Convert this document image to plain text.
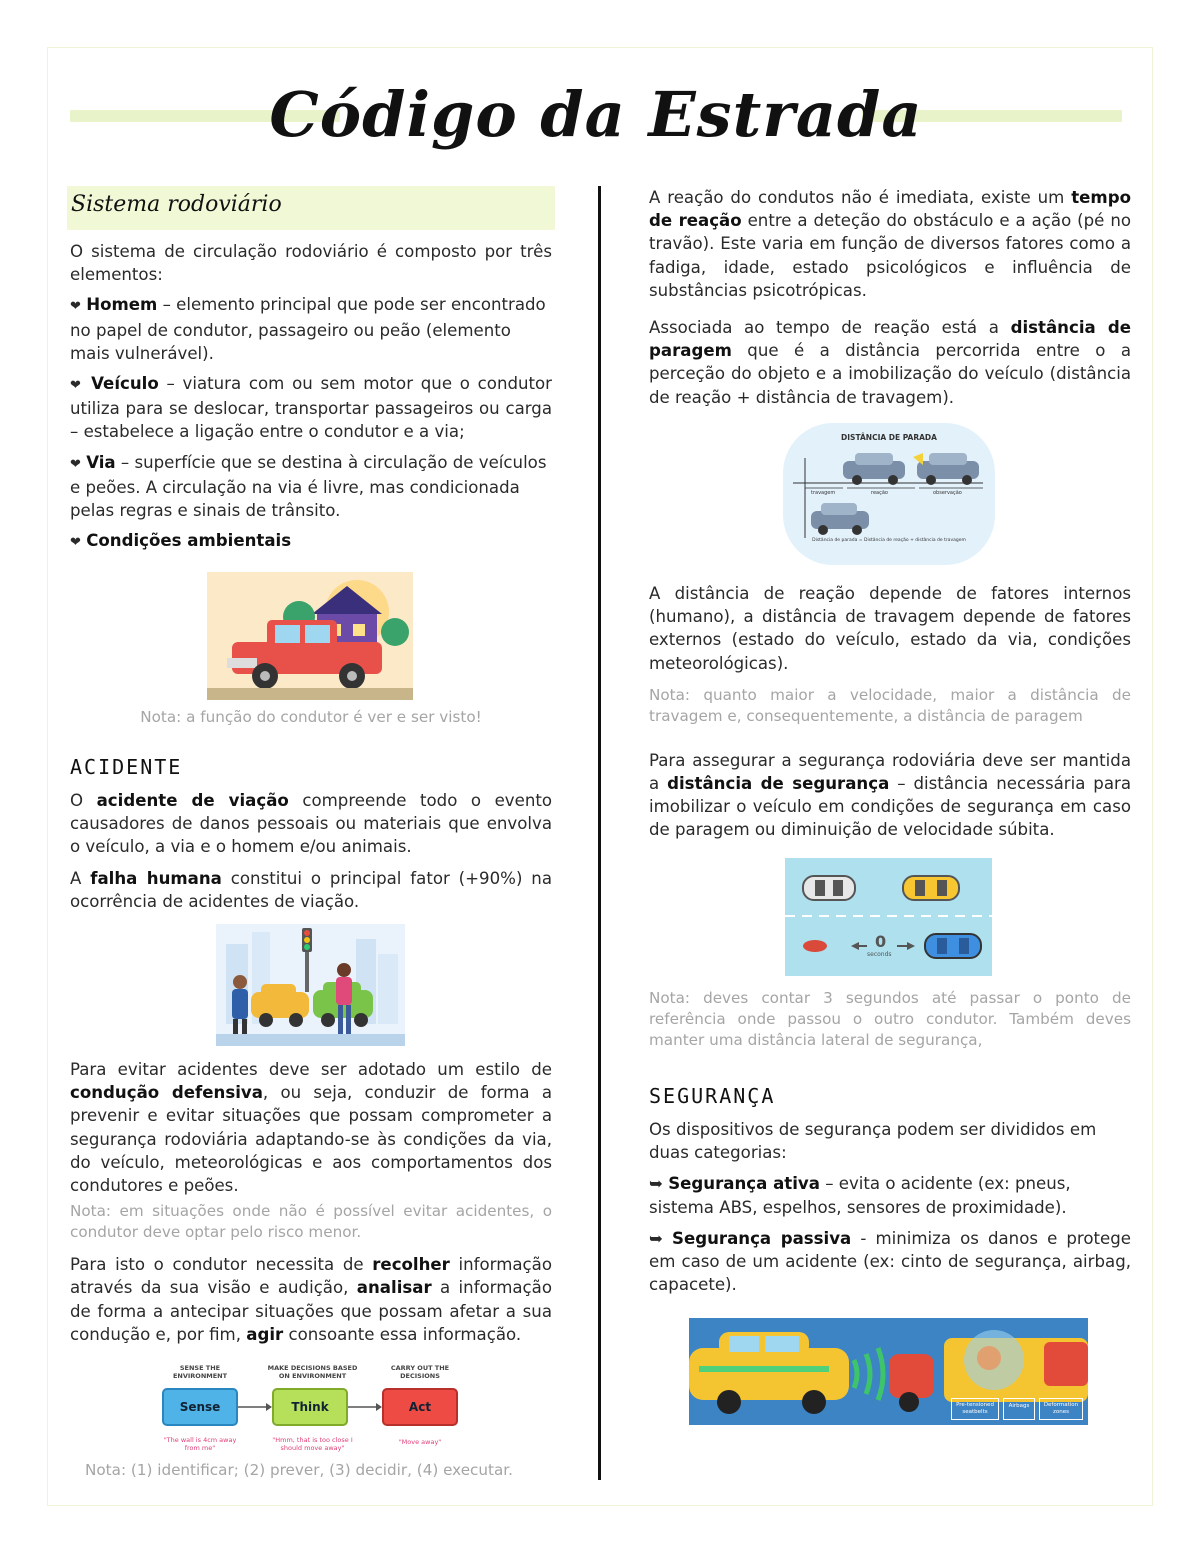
Código da Estrada
Sistema rodoviário

O sistema de circulação rodoviário é composto por três elementos:

❤ Homem – elemento principal que pode ser encontrado no papel de condutor, passageiro ou peão (elemento mais vulnerável).

❤ Veículo – viatura com ou sem motor que o condutor utiliza para se deslocar, transportar passageiros ou carga – estabelece a ligação entre o condutor e a via;

❤ Via – superfície que se destina à circulação de veículos e peões. A circulação na via é livre, mas condicionada pelas regras e sinais de trânsito.

❤ Condições ambientais

Nota: a função do condutor é ver e ser visto!

ACIDENTE

O acidente de viação compreende todo o evento causadores de danos pessoais ou materiais que envolva o veículo, a via e o homem e/ou animais.

A falha humana constitui o principal fator (+90%) na ocorrência de acidentes de viação.

Para evitar acidentes deve ser adotado um estilo de condução defensiva, ou seja, conduzir de forma a prevenir e evitar situações que possam comprometer a segurança rodoviária adaptando-se às condições da via, do veículo, meteorológicas e aos comportamentos dos condutores e peões.

Nota: em situações onde não é possível evitar acidentes, o condutor deve optar pelo risco menor.

Para isto o condutor necessita de recolher informação através da sua visão e audição, analisar a informação de forma a antecipar situações que possam afetar a sua condução e, por fim, agir consoante essa informação.

SENSE THE ENVIRONMENT
MAKE DECISIONS BASED ON ENVIRONMENT
CARRY OUT THE DECISIONS
Sense	Think	Act
"The wall is 4cm away from me"
"Hmm, that is too close I should move away"
"Move away"

Nota: (1) identificar; (2) prever, (3) decidir, (4) executar.

A reação do condutos não é imediata, existe um tempo de reação entre a deteção do obstáculo e a ação (pé no travão). Este varia em função de diversos fatores como a fadiga, idade, estado psicológicos e influência de substâncias psicotrópicas.

Associada ao tempo de reação está a distância de paragem que é a distância percorrida entre o a perceção do objeto e a imobilização do veículo (distância de reação + distância de travagem).

DISTÂNCIA DE PARADA
travagem	reação	observação
Distância de parada = Distância de reação + distância de travagem

A distância de reação depende de fatores internos (humano), a distância de travagem depende de fatores externos (estado do veículo, estado da via, condições meteorológicas).

Nota: quanto maior a velocidade, maior a distância de travagem e, consequentemente, a distância de paragem

Para assegurar a segurança rodoviária deve ser mantida a distância de segurança – distância necessária para imobilizar o veículo em condições de segurança em caso de paragem ou diminuição de velocidade súbita.

0
seconds

Nota: deves contar 3 segundos até passar o ponto de referência onde passou o outro condutor. Também deves manter uma distância lateral de segurança,

SEGURANÇA

Os dispositivos de segurança podem ser divididos em duas categorias:

➥ Segurança ativa – evita o acidente (ex: pneus, sistema ABS, espelhos, sensores de proximidade).

➥ Segurança passiva - minimiza os danos e protege em caso de um acidente (ex: cinto de segurança, airbag, capacete).

Pre-tensioned seatbelts
Airbags	Deformation zones
